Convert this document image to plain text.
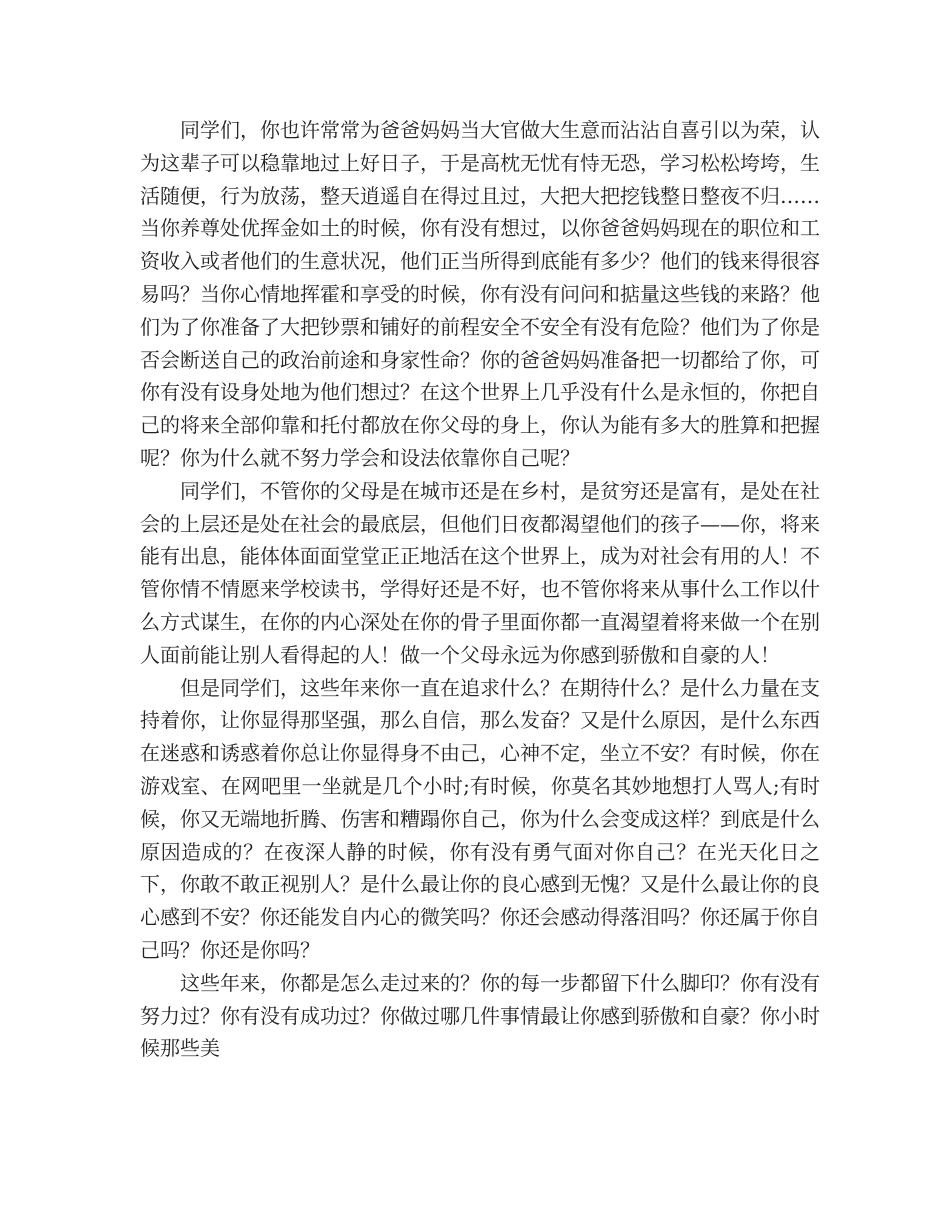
同学们，你也许常常为爸爸妈妈当大官做大生意而沾沾自喜引以为荣，认为这辈子可以稳靠地过上好日子，于是高枕无忧有恃无恐，学习松松垮垮，生活随便，行为放荡，整天逍遥自在得过且过，大把大把挖钱整日整夜不归……当你养尊处优挥金如土的时候，你有没有想过，以你爸爸妈妈现在的职位和工资收入或者他们的生意状况，他们正当所得到底能有多少？他们的钱来得很容易吗？当你心情地挥霍和享受的时候，你有没有问问和掂量这些钱的来路？他们为了你准备了大把钞票和铺好的前程安全不安全有没有危险？他们为了你是否会断送自己的政治前途和身家性命？你的爸爸妈妈准备把一切都给了你，可你有没有设身处地为他们想过？在这个世界上几乎没有什么是永恒的，你把自己的将来全部仰靠和托付都放在你父母的身上，你认为能有多大的胜算和把握呢？你为什么就不努力学会和设法依靠你自己呢？

同学们，不管你的父母是在城市还是在乡村，是贫穷还是富有，是处在社会的上层还是处在社会的最底层，但他们日夜都渴望他们的孩子——你，将来能有出息，能体体面面堂堂正正地活在这个世界上，成为对社会有用的人！不管你情不情愿来学校读书，学得好还是不好，也不管你将来从事什么工作以什么方式谋生，在你的内心深处在你的骨子里面你都一直渴望着将来做一个在别人面前能让别人看得起的人！做一个父母永远为你感到骄傲和自豪的人！

但是同学们，这些年来你一直在追求什么？在期待什么？是什么力量在支持着你，让你显得那坚强，那么自信，那么发奋？又是什么原因，是什么东西在迷惑和诱惑着你总让你显得身不由己，心神不定，坐立不安？有时候，你在游戏室、在网吧里一坐就是几个小时;有时候，你莫名其妙地想打人骂人;有时候，你又无端地折腾、伤害和糟蹋你自己，你为什么会变成这样？到底是什么原因造成的？在夜深人静的时候，你有没有勇气面对你自己？在光天化日之下，你敢不敢正视别人？是什么最让你的良心感到无愧？又是什么最让你的良心感到不安？你还能发自内心的微笑吗？你还会感动得落泪吗？你还属于你自己吗？你还是你吗？

这些年来，你都是怎么走过来的？你的每一步都留下什么脚印？你有没有努力过？你有没有成功过？你做过哪几件事情最让你感到骄傲和自豪？你小时候那些美
